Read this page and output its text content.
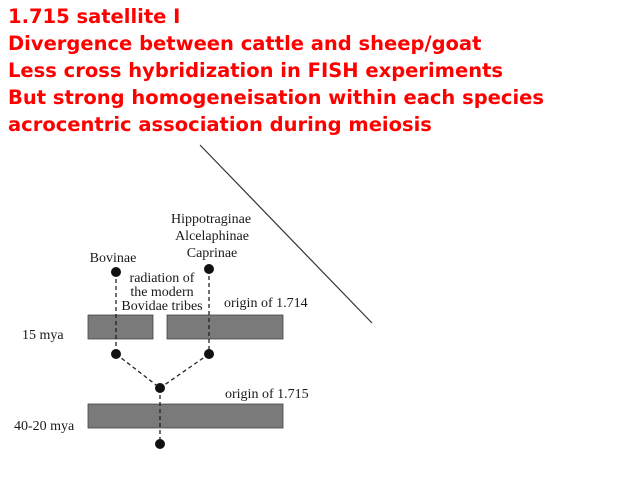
1.715 satellite I
Divergence between cattle and sheep/goat
Less cross hybridization in FISH experiments
But strong homogeneisation within each species
acrocentric association during meiosis
Hippotraginae
Alcelaphinae
Caprinae
Bovinae
radiation of
the modern
Bovidae tribes origin of 1.714
origin of 1.715
15 mya
40-20 mya
